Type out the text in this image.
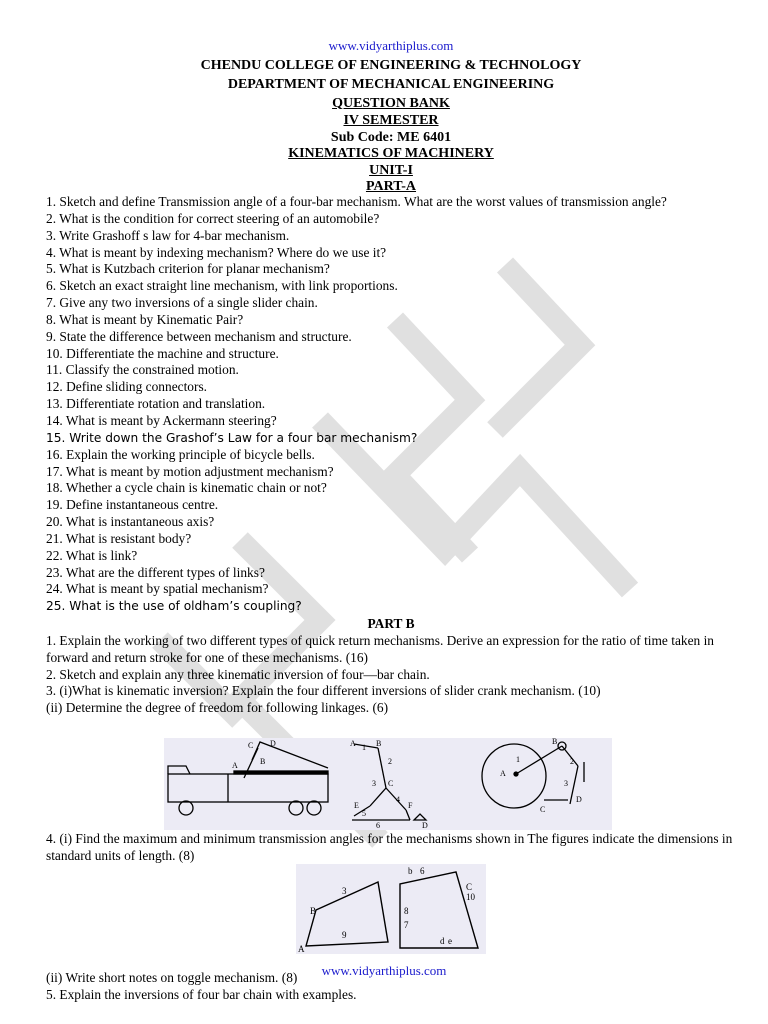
www.vidyarthiplus.com
CHENDU COLLEGE OF ENGINEERING & TECHNOLOGY
DEPARTMENT OF MECHANICAL ENGINEERING
QUESTION BANK
IV SEMESTER
Sub Code: ME 6401
KINEMATICS OF MACHINERY
UNIT-I
PART-A

1. Sketch and define Transmission angle of a four-bar mechanism. What are the worst values of transmission angle?

2. What is the condition for correct steering of an automobile?

3. Write Grashoff s law for 4-bar mechanism.

4. What is meant by indexing mechanism? Where do we use it?

5. What is Kutzbach criterion for planar mechanism?

6. Sketch an exact straight line mechanism, with link proportions.

7. Give any two inversions of a single slider chain.

8. What is meant by Kinematic Pair?

9. State the difference between mechanism and structure.

10. Differentiate the machine and structure.

11. Classify the constrained motion.

12. Define sliding connectors.

13. Differentiate rotation and translation.

14. What is meant by Ackermann steering?

15. Write down the Grashof’s Law for a four bar mechanism?

16. Explain the working principle of bicycle bells.

17. What is meant by motion adjustment mechanism?

18. Whether a cycle chain is kinematic chain or not?

19. Define instantaneous centre.

20. What is instantaneous axis?

21. What is resistant body?

22. What is link?

23. What are the different types of links?

24. What is meant by spatial mechanism?

25. What is the use of oldham’s coupling?

PART B

1. Explain the working of two different types of quick return mechanisms. Derive an expression for the ratio of time taken in forward and return stroke for one of these mechanisms. (16)

2. Sketch and explain any three kinematic inversion of four—bar chain.

3. (i)What is kinematic inversion? Explain the four different inversions of slider crank mechanism. (10)

(ii) Determine the degree of freedom for following linkages. (6)

C D
A	B
A 1
2
B
3 C
4
E
5
6
F
D
B
1	2
3
A
D
C

4. (i) Find the maximum and minimum transmission angles for the mechanisms shown in The figures indicate the dimensions in standard units of length. (8)

B
3
A
9
b 6
C
10
8
7
d e
www.vidyarthiplus.com

(ii) Write short notes on toggle mechanism. (8)

5. Explain the inversions of four bar chain with examples.
